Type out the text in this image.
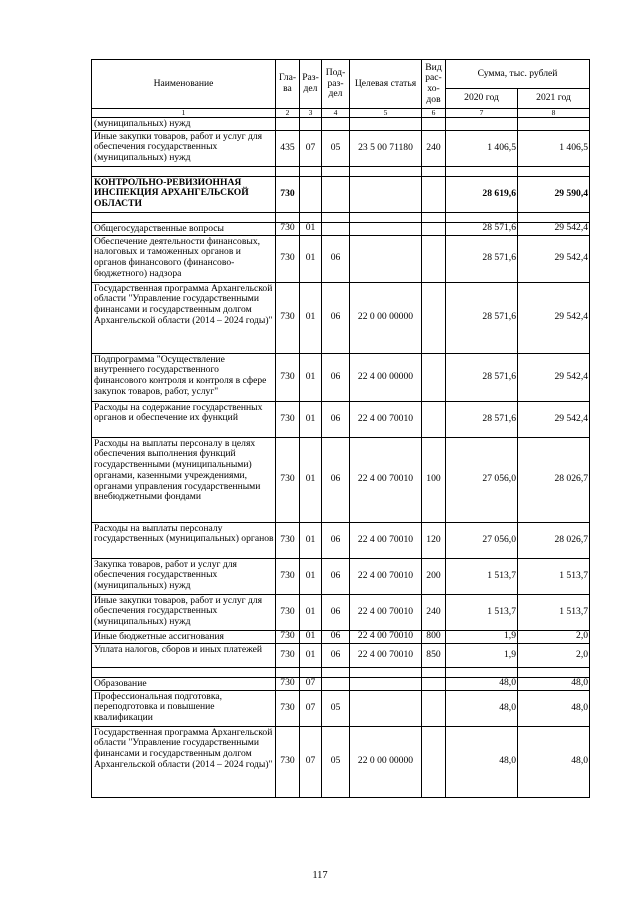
Наименование	Гла-ва	Раз-дел	Под-раз-дел	Целевая статья	Вид рас-хо-дов	Сумма, тыс. рублей	
						2020 год	2021 год
1	2	3	4	5	6	7	8
(муниципальных) нужд							
Иные закупки товаров, работ и услуг для обеспечения государственных (муниципальных) нужд	435	07	05	23 5 00 71180	240	1 406,5	1 406,5

КОНТРОЛЬНО-РЕВИЗИОННАЯ ИНСПЕКЦИЯ АРХАНГЕЛЬСКОЙ ОБЛАСТИ	730					28 619,6	29 590,4

Общегосударственные вопросы	730	01				28 571,6	29 542,4
Обеспечение деятельности финансовых, налоговых и таможенных органов и органов финансового (финансово-бюджетного) надзора	730	01	06			28 571,6	29 542,4
Государственная программа Архангельской области "Управление государственными финансами и государственным долгом Архангельской области (2014 – 2024 годы)"	730	01	06	22 0 00 00000		28 571,6	29 542,4
Подпрограмма "Осуществление внутреннего государственного финансового контроля и контроля в сфере закупок товаров, работ, услуг"	730	01	06	22 4 00 00000		28 571,6	29 542,4
Расходы на содержание государственных органов и обеспечение их функций	730	01	06	22 4 00 70010		28 571,6	29 542,4
Расходы на выплаты персоналу в целях обеспечения выполнения функций государственными (муниципальными) органами, казенными учреждениями, органами управления государственными внебюджетными фондами	730	01	06	22 4 00 70010	100	27 056,0	28 026,7
Расходы на выплаты персоналу государственных (муниципальных) органов	730	01	06	22 4 00 70010	120	27 056,0	28 026,7
Закупка товаров, работ и услуг для обеспечения государственных (муниципальных) нужд	730	01	06	22 4 00 70010	200	1 513,7	1 513,7
Иные закупки товаров, работ и услуг для обеспечения государственных (муниципальных) нужд	730	01	06	22 4 00 70010	240	1 513,7	1 513,7
Иные бюджетные ассигнования	730	01	06	22 4 00 70010	800	1,9	2,0
Уплата налогов, сборов и иных платежей	730	01	06	22 4 00 70010	850	1,9	2,0

Образование	730	07				48,0	48,0
Профессиональная подготовка, переподготовка и повышение квалификации	730	07	05			48,0	48,0
Государственная программа Архангельской области "Управление государственными финансами и государственным долгом Архангельской области (2014 – 2024 годы)"	730	07	05	22 0 00 00000		48,0	48,0
117
